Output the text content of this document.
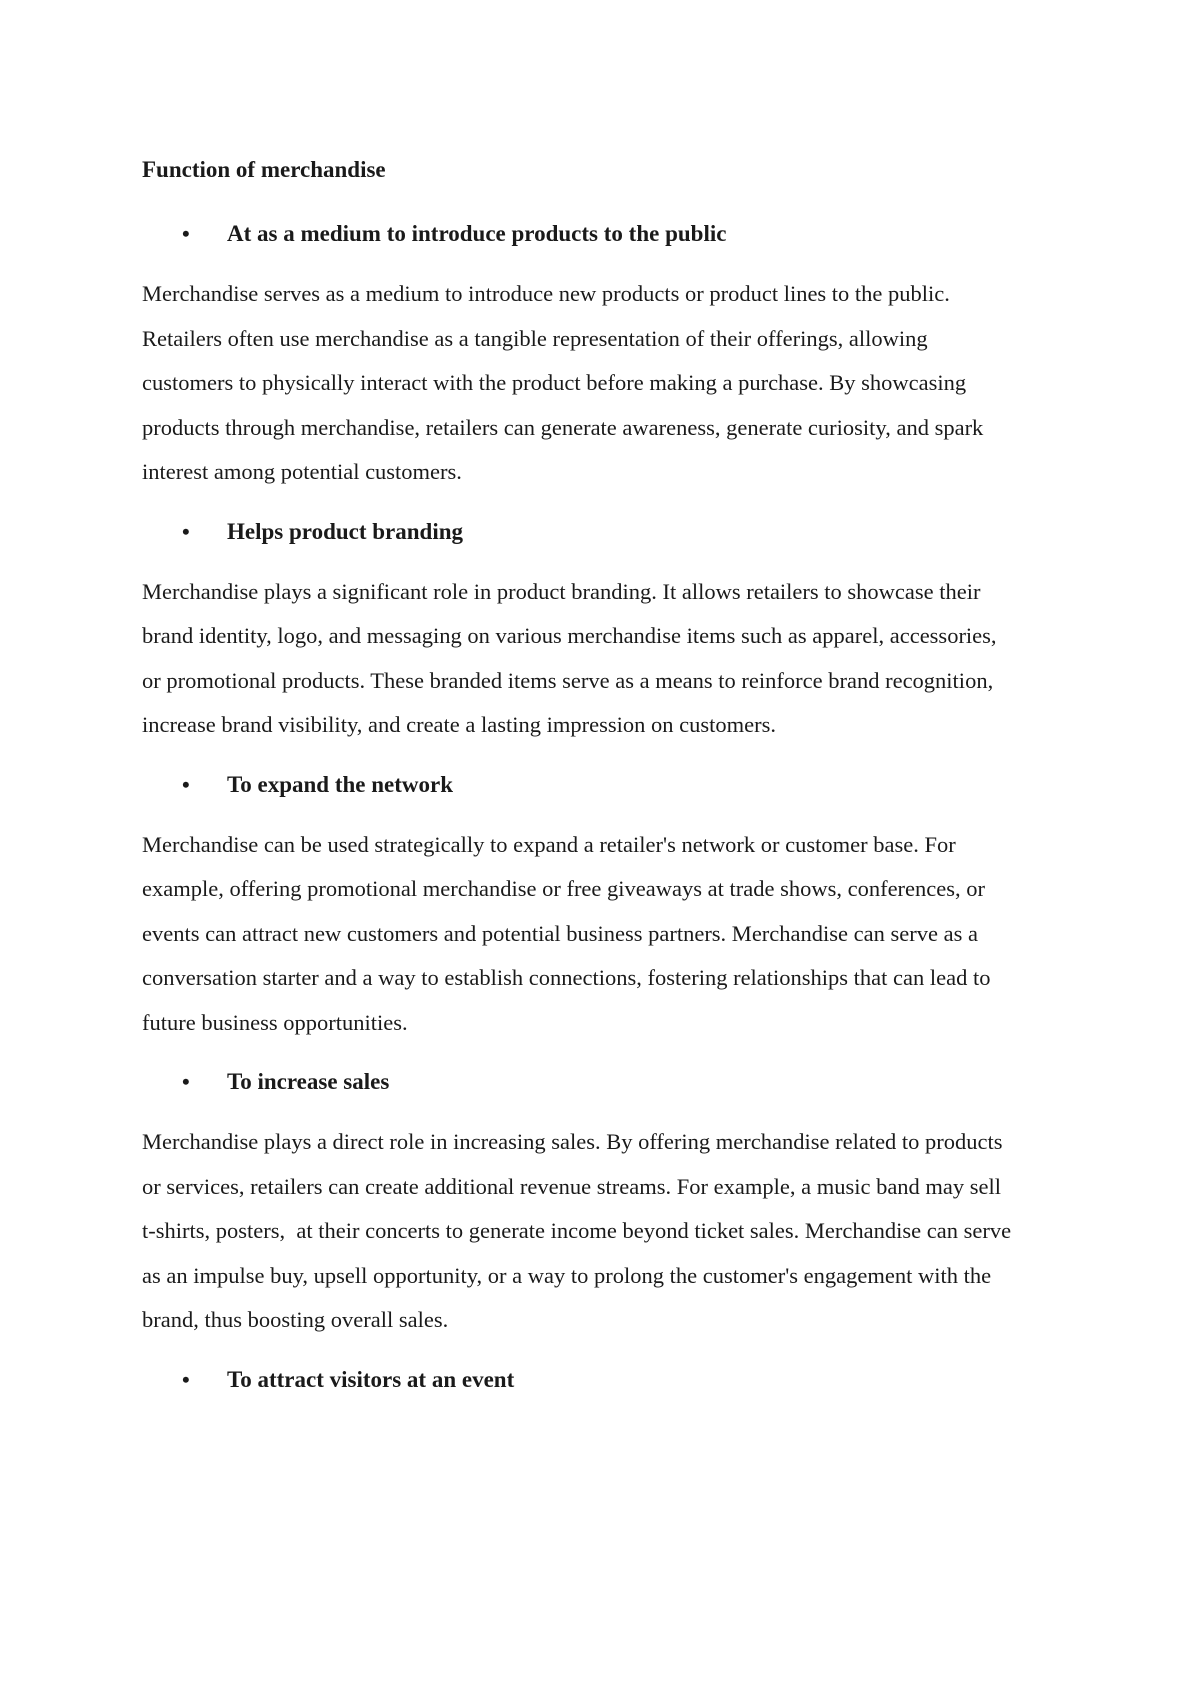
Function of merchandise
•	At as a medium to introduce products to the public
Merchandise serves as a medium to introduce new products or product lines to the public.
Retailers often use merchandise as a tangible representation of their offerings, allowing
customers to physically interact with the product before making a purchase. By showcasing
products through merchandise, retailers can generate awareness, generate curiosity, and spark
interest among potential customers.
•	Helps product branding
Merchandise plays a significant role in product branding. It allows retailers to showcase their
brand identity, logo, and messaging on various merchandise items such as apparel, accessories,
or promotional products. These branded items serve as a means to reinforce brand recognition,
increase brand visibility, and create a lasting impression on customers.
•	To expand the network
Merchandise can be used strategically to expand a retailer's network or customer base. For
example, offering promotional merchandise or free giveaways at trade shows, conferences, or
events can attract new customers and potential business partners. Merchandise can serve as a
conversation starter and a way to establish connections, fostering relationships that can lead to
future business opportunities.
•	To increase sales
Merchandise plays a direct role in increasing sales. By offering merchandise related to products
or services, retailers can create additional revenue streams. For example, a music band may sell
t-shirts, posters,  at their concerts to generate income beyond ticket sales. Merchandise can serve
as an impulse buy, upsell opportunity, or a way to prolong the customer's engagement with the
brand, thus boosting overall sales.
•	To attract visitors at an event
